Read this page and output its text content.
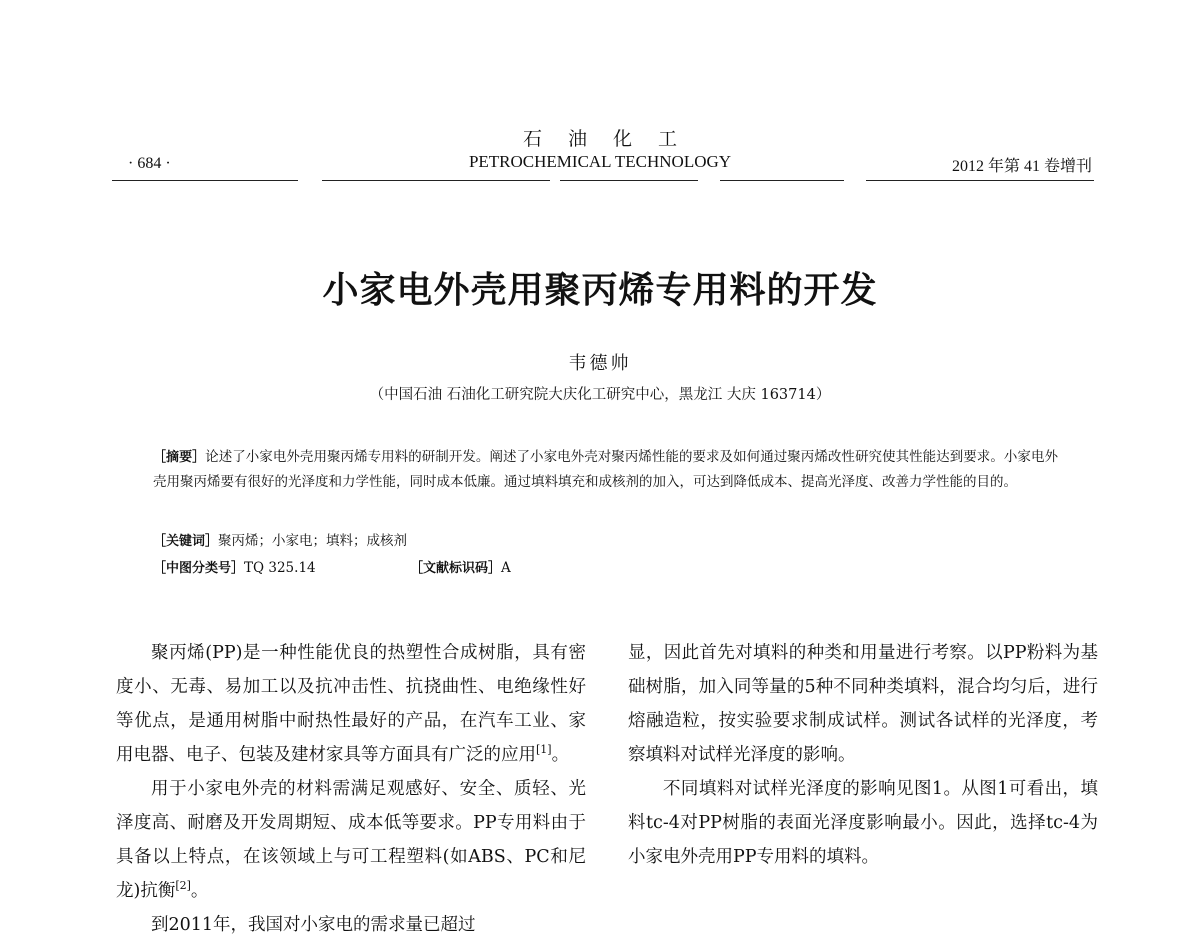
石油化工
PETROCHEMICAL TECHNOLOGY
· 684 ·	2012 年第 41 卷增刊
小家电外壳用聚丙烯专用料的开发
韦德帅
（中国石油 石油化工研究院大庆化工研究中心，黑龙江 大庆 163714）
［摘要］论述了小家电外壳用聚丙烯专用料的研制开发。阐述了小家电外壳对聚丙烯性能的要求及如何通过聚丙烯改性研究使其性能达到要求。小家电外壳用聚丙烯要有很好的光泽度和力学性能，同时成本低廉。通过填料填充和成核剂的加入，可达到降低成本、提高光泽度、改善力学性能的目的。
［关键词］聚丙烯；小家电；填料；成核剂
［中图分类号］TQ 325.14	［文献标识码］A

聚丙烯(PP)是一种性能优良的热塑性合成树脂，具有密度小、无毒、易加工以及抗冲击性、抗挠曲性、电绝缘性好等优点，是通用树脂中耐热性最好的产品，在汽车工业、家用电器、电子、包装及建材家具等方面具有广泛的应用[1]。

用于小家电外壳的材料需满足观感好、安全、质轻、光泽度高、耐磨及开发周期短、成本低等要求。PP专用料由于具备以上特点，在该领域上与可工程塑料(如ABS、PC和尼龙)抗衡[2]。

到2011年，我国对小家电的需求量已超过

显，因此首先对填料的种类和用量进行考察。以PP粉料为基础树脂，加入同等量的5种不同种类填料，混合均匀后，进行熔融造粒，按实验要求制成试样。测试各试样的光泽度，考察填料对试样光泽度的影响。

不同填料对试样光泽度的影响见图1。从图1可看出，填料tc-4对PP树脂的表面光泽度影响最小。因此，选择tc-4为小家电外壳用PP专用料的填料。
